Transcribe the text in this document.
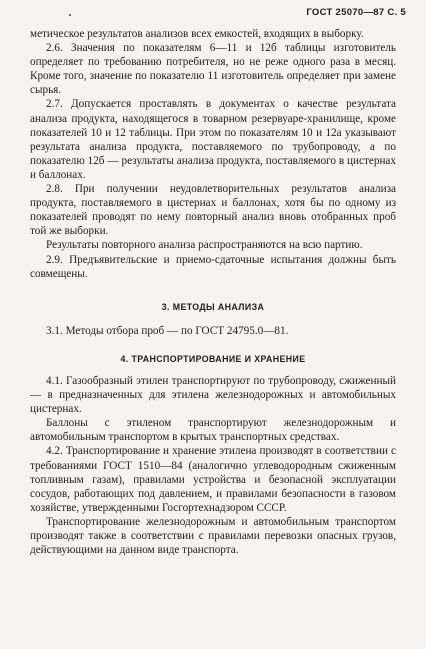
ГОСТ 25070—87 С. 5

метическое результатов анализов всех емкостей, входящих в выборку.

2.6. Значения по показателям 6—11 и 12б таблицы изготовитель определяет по требованию потребителя, но не реже одного раза в месяц. Кроме того, значение по показателю 11 изготовитель определяет при замене сырья.

2.7. Допускается проставлять в документах о качестве результата анализа продукта, находящегося в товарном резервуаре-хранилище, кроме показателей 10 и 12 таблицы. При этом по показателям 10 и 12а указывают результата анализа продукта, поставляемого по трубопроводу, а по показателю 12б — результаты анализа продукта, поставляемого в цистернах и баллонах.

2.8. При получении неудовлетворительных результатов анализа продукта, поставляемого в цистернах и баллонах, хотя бы по одному из показателей проводят по нему повторный анализ вновь отобранных проб той же выборки.

Результаты повторного анализа распространяются на всю партию.

2.9. Предъявительские и приемо-сдаточные испытания должны быть совмещены.

3. МЕТОДЫ АНАЛИЗА

3.1. Методы отбора проб — по ГОСТ 24795.0—81.

4. ТРАНСПОРТИРОВАНИЕ И ХРАНЕНИЕ

4.1. Газообразный этилен транспортируют по трубопроводу, сжиженный — в предназначенных для этилена железнодорожных и автомобильных цистернах.

Баллоны с этиленом транспортируют железнодорожным и автомобильным транспортом в крытых транспортных средствах.

4.2. Транспортирование и хранение этилена производят в соответствии с требованиями ГОСТ 1510—84 (аналогично углеводородным сжиженным топливным газам), правилами устройства и безопасной эксплуатации сосудов, работающих под давлением, и правилами безопасности в газовом хозяйстве, утвержденными Госгортехнадзором СССР.

Транспортирование железнодорожным и автомобильным транспортом производят также в соответствии с правилами перевозки опасных грузов, действующими на данном виде транспорта.
